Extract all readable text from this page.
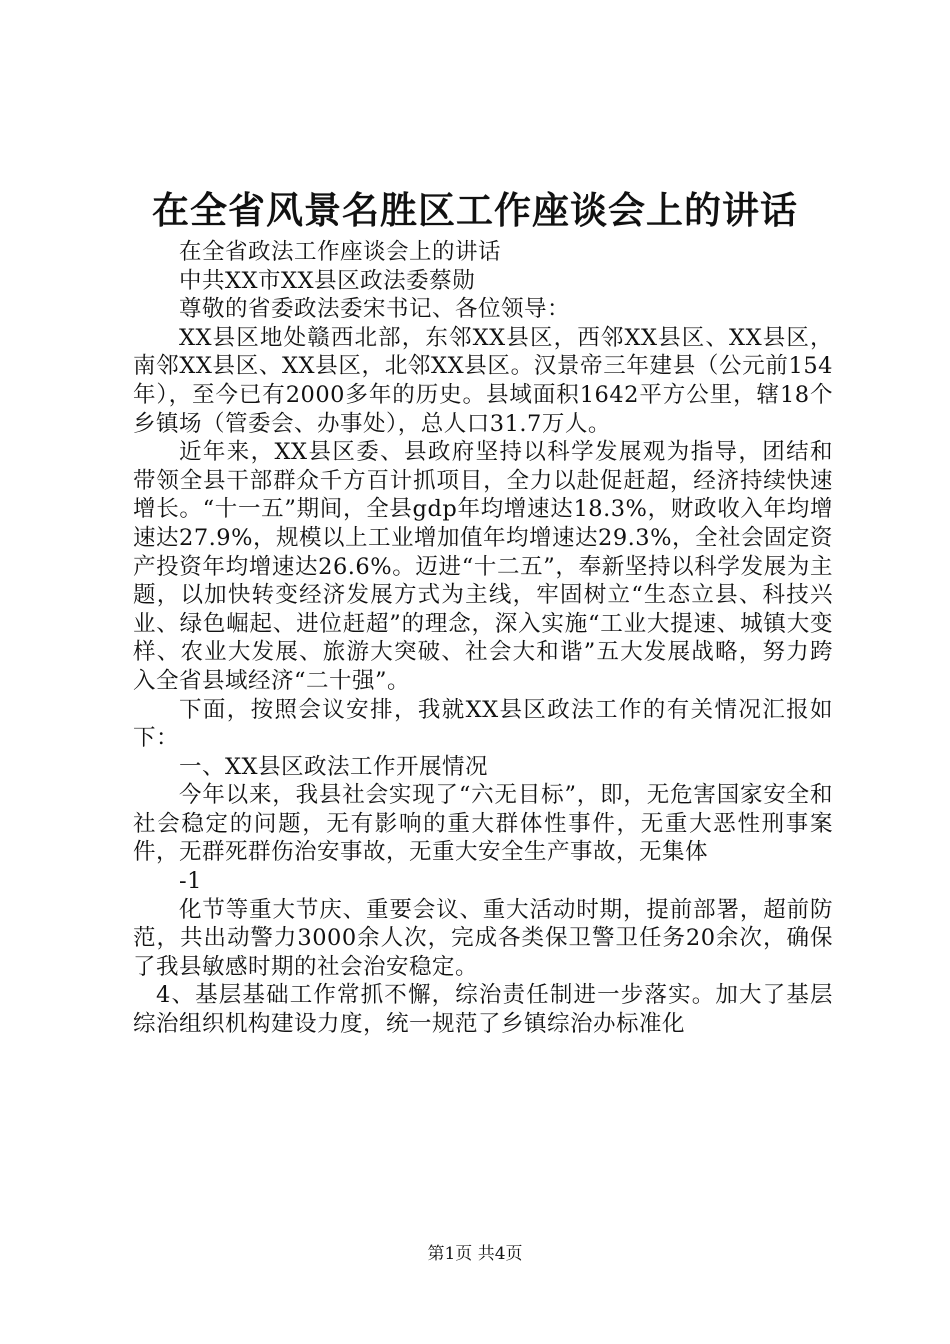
在全省风景名胜区工作座谈会上的讲话

在全省政法工作座谈会上的讲话

中共XX市XX县区政法委蔡勋

尊敬的省委政法委宋书记、各位领导：

XX县区地处赣西北部，东邻XX县区，西邻XX县区、XX县区，南邻XX县区、XX县区，北邻XX县区。汉景帝三年建县（公元前154年），至今已有2000多年的历史。县域面积1642平方公里，辖18个乡镇场（管委会、办事处），总人口31.7万人。

近年来，XX县区委、县政府坚持以科学发展观为指导，团结和带领全县干部群众千方百计抓项目，全力以赴促赶超，经济持续快速增长。“十一五”期间，全县gdp年均增速达18.3%，财政收入年均增速达27.9%，规模以上工业增加值年均增速达29.3%，全社会固定资产投资年均增速达26.6%。迈进“十二五”，奉新坚持以科学发展为主题，以加快转变经济发展方式为主线，牢固树立“生态立县、科技兴业、绿色崛起、进位赶超”的理念，深入实施“工业大提速、城镇大变样、农业大发展、旅游大突破、社会大和谐”五大发展战略，努力跨入全省县域经济“二十强”。

下面，按照会议安排，我就XX县区政法工作的有关情况汇报如下：

一、XX县区政法工作开展情况

今年以来，我县社会实现了“六无目标”，即，无危害国家安全和社会稳定的问题，无有影响的重大群体性事件，无重大恶性刑事案件，无群死群伤治安事故，无重大安全生产事故，无集体

-1

化节等重大节庆、重要会议、重大活动时期，提前部署，超前防范，共出动警力3000余人次，完成各类保卫警卫任务20余次，确保了我县敏感时期的社会治安稳定。

4、基层基础工作常抓不懈，综治责任制进一步落实。加大了基层综治组织机构建设力度，统一规范了乡镇综治办标准化

第1页 共4页
